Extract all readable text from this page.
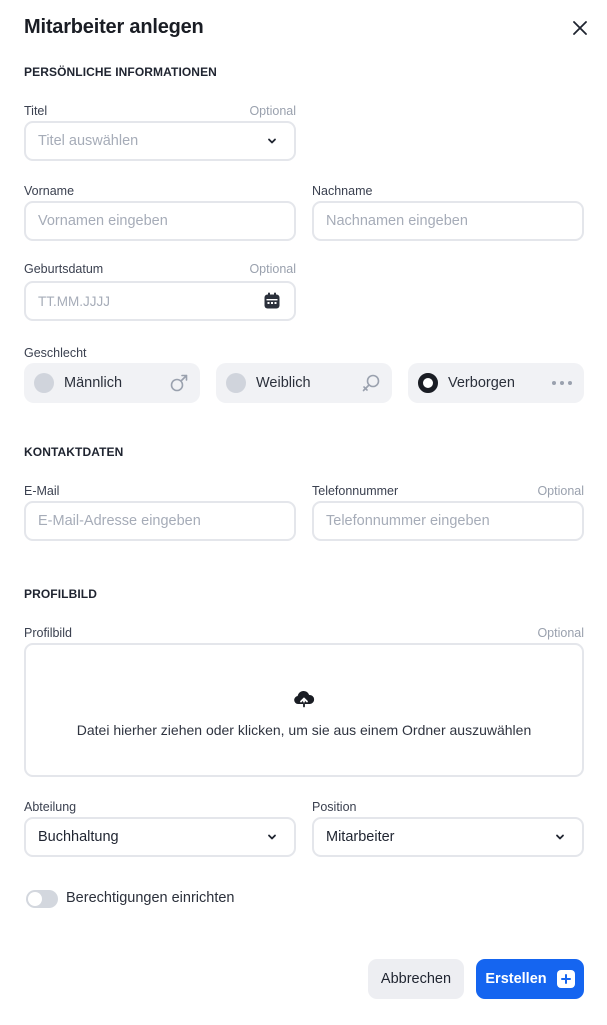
Mitarbeiter anlegen
PERSÖNLICHE INFORMATIONEN
Titel	Optional
Titel auswählen
Vorname
Vornamen eingeben
Nachname
Nachnamen eingeben
Geburtsdatum	Optional
TT.MM.JJJJ
Geschlecht
Männlich	Weiblich	Verborgen
KONTAKTDATEN
E-Mail
E-Mail-Adresse eingeben
Telefonnummer	Optional
Telefonnummer eingeben
PROFILBILD
Profilbild	Optional
Datei hierher ziehen oder klicken, um sie aus einem Ordner auszuwählen
Abteilung
Buchhaltung
Position
Mitarbeiter
Berechtigungen einrichten
Abbrechen Erstellen
